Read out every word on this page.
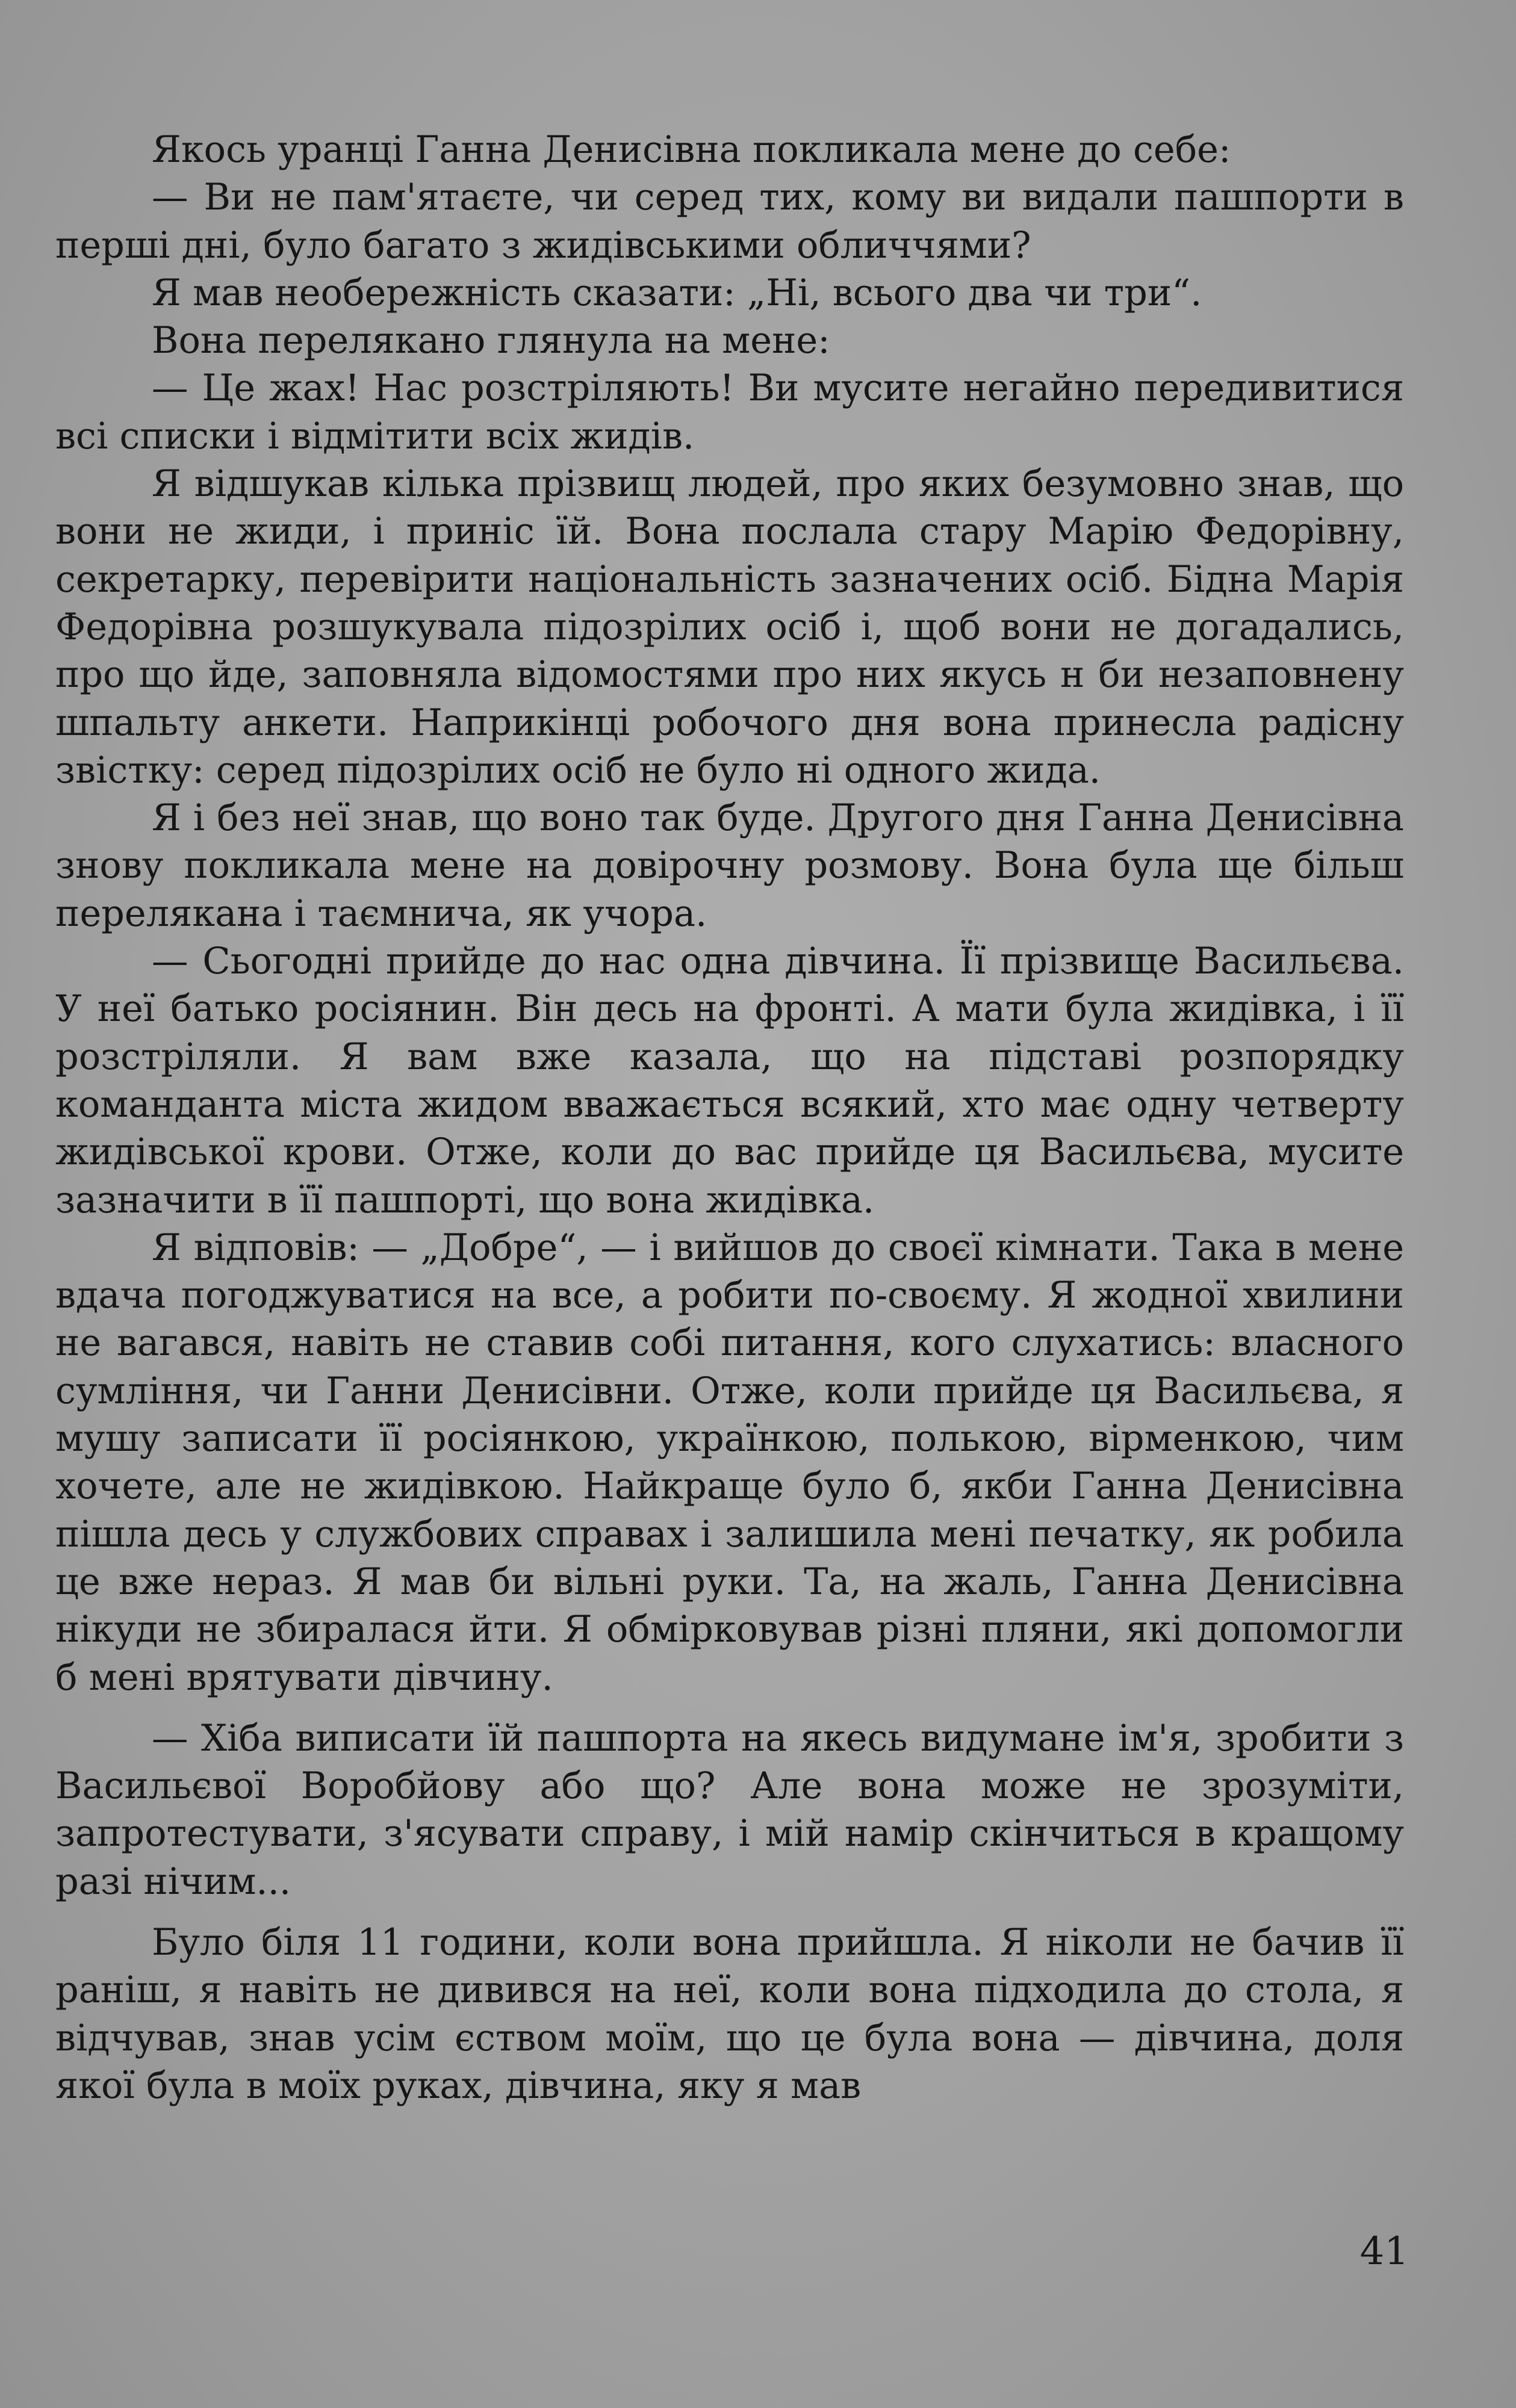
Якось уранці Ганна Денисівна покликала мене до себе:

— Ви не пам'ятаєте, чи серед тих, кому ви видали пашпорти в перші дні, було багато з жидівськими обличчями?

Я мав необережність сказати: „Ні, всього два чи три“.

Вона перелякано глянула на мене:

— Це жах! Нас розстріляють! Ви мусите негайно передивитися всі списки і відмітити всіх жидів.

Я відшукав кілька прізвищ людей, про яких безумовно знав, що вони не жиди, і приніс їй. Вона послала стару Марію Федорівну, секретарку, перевірити національність зазначених осіб. Бідна Марія Федорівна розшукувала підозрілих осіб і, щоб вони не догадались, про що йде, заповняла відомостями про них якусь н би незаповнену шпальту анкети. Наприкінці робочого дня вона принесла радісну звістку: серед підозрілих осіб не було ні одного жида.

Я і без неї знав, що воно так буде. Другого дня Ганна Денисівна знову покликала мене на довірочну розмову. Вона була ще більш перелякана і таємнича, як учора.

— Сьогодні прийде до нас одна дівчина. Її прізвище Васильєва. У неї батько росіянин. Він десь на фронті. А мати була жидівка, і її розстріляли. Я вам вже казала, що на підставі розпорядку команданта міста жидом вважається всякий, хто має одну четверту жидівської крови. Отже, коли до вас прийде ця Васильєва, мусите зазначити в її пашпорті, що вона жидівка.

Я відповів: — „Добре“, — і вийшов до своєї кімнати. Така в мене вдача погоджуватися на все, а робити по-своєму. Я жодної хвилини не вагався, навіть не ставив собі питання, кого слухатись: власного сумління, чи Ганни Денисівни. Отже, коли прийде ця Васильєва, я мушу записати її росіянкою, українкою, полькою, вірменкою, чим хочете, але не жидівкою. Найкраще було б, якби Ганна Денисівна пішла десь у службових справах і залишила мені печатку, як робила це вже неpаз. Я мав би вільні руки. Та, на жаль, Ганна Денисівна нікуди не збиралася йти. Я обмірковував різні пляни, які допомогли б мені врятувати дівчину.

— Хіба виписати їй пашпорта на якесь видумане ім'я, зробити з Васильєвої Воробйову або що? Але вона може не зрозуміти, запротестувати, з'ясувати справу, і мій намір скінчиться в кращому разі нічим...

Було біля 11 години, коли вона прийшла. Я ніколи не бачив її раніш, я навіть не дивився на неї, коли вона підходила до стола, я відчував, знав усім єством моїм, що це була вона — дівчина, доля якої була в моїх руках, дівчина, яку я мав

41
